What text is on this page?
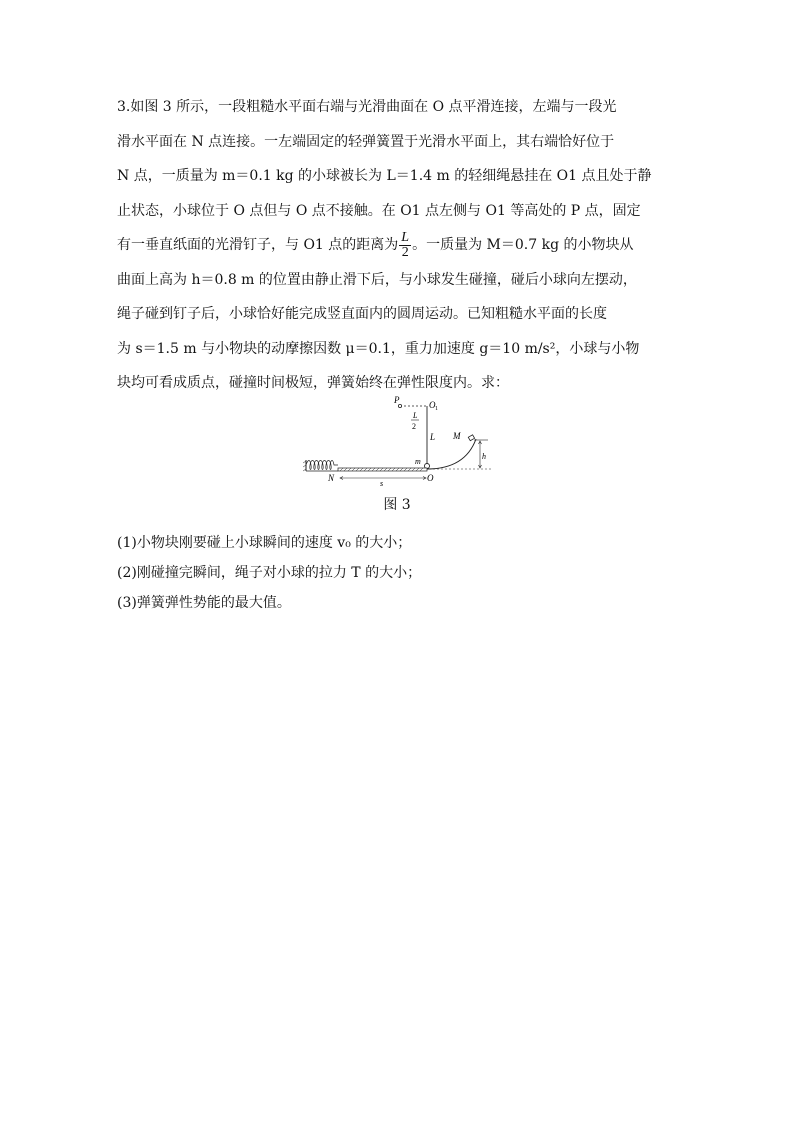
3.如图 3 所示，一段粗糙水平面右端与光滑曲面在 O 点平滑连接，左端与一段光

滑水平面在 N 点连接。一左端固定的轻弹簧置于光滑水平面上，其右端恰好位于

N 点，一质量为 m＝0.1 kg 的小球被长为 L＝1.4 m 的轻细绳悬挂在 O1 点且处于静

止状态，小球位于 O 点但与 O 点不接触。在 O1 点左侧与 O1 等高处的 P 点，固定

有一垂直纸面的光滑钉子，与 O1 点的距离为 $\frac{L}{2}$ 。一质量为 M＝0.7 kg 的小物块从

曲面上高为 h＝0.8 m 的位置由静止滑下后，与小球发生碰撞，碰后小球向左摆动，

绳子碰到钉子后，小球恰好能完成竖直面内的圆周运动。已知粗糙水平面的长度

为 s＝1.5 m 与小物块的动摩擦因数 μ＝0.1，重力加速度 g＝10 m/s²，小球与小物

块均可看成质点，碰撞时间极短，弹簧始终在弹性限度内。求：

P	O 1
L
2
L
m
M
h
s
N	O
图 3

(1)小物块刚要碰上小球瞬间的速度 v₀ 的大小；

(2)刚碰撞完瞬间，绳子对小球的拉力 T 的大小；

(3)弹簧弹性势能的最大值。
